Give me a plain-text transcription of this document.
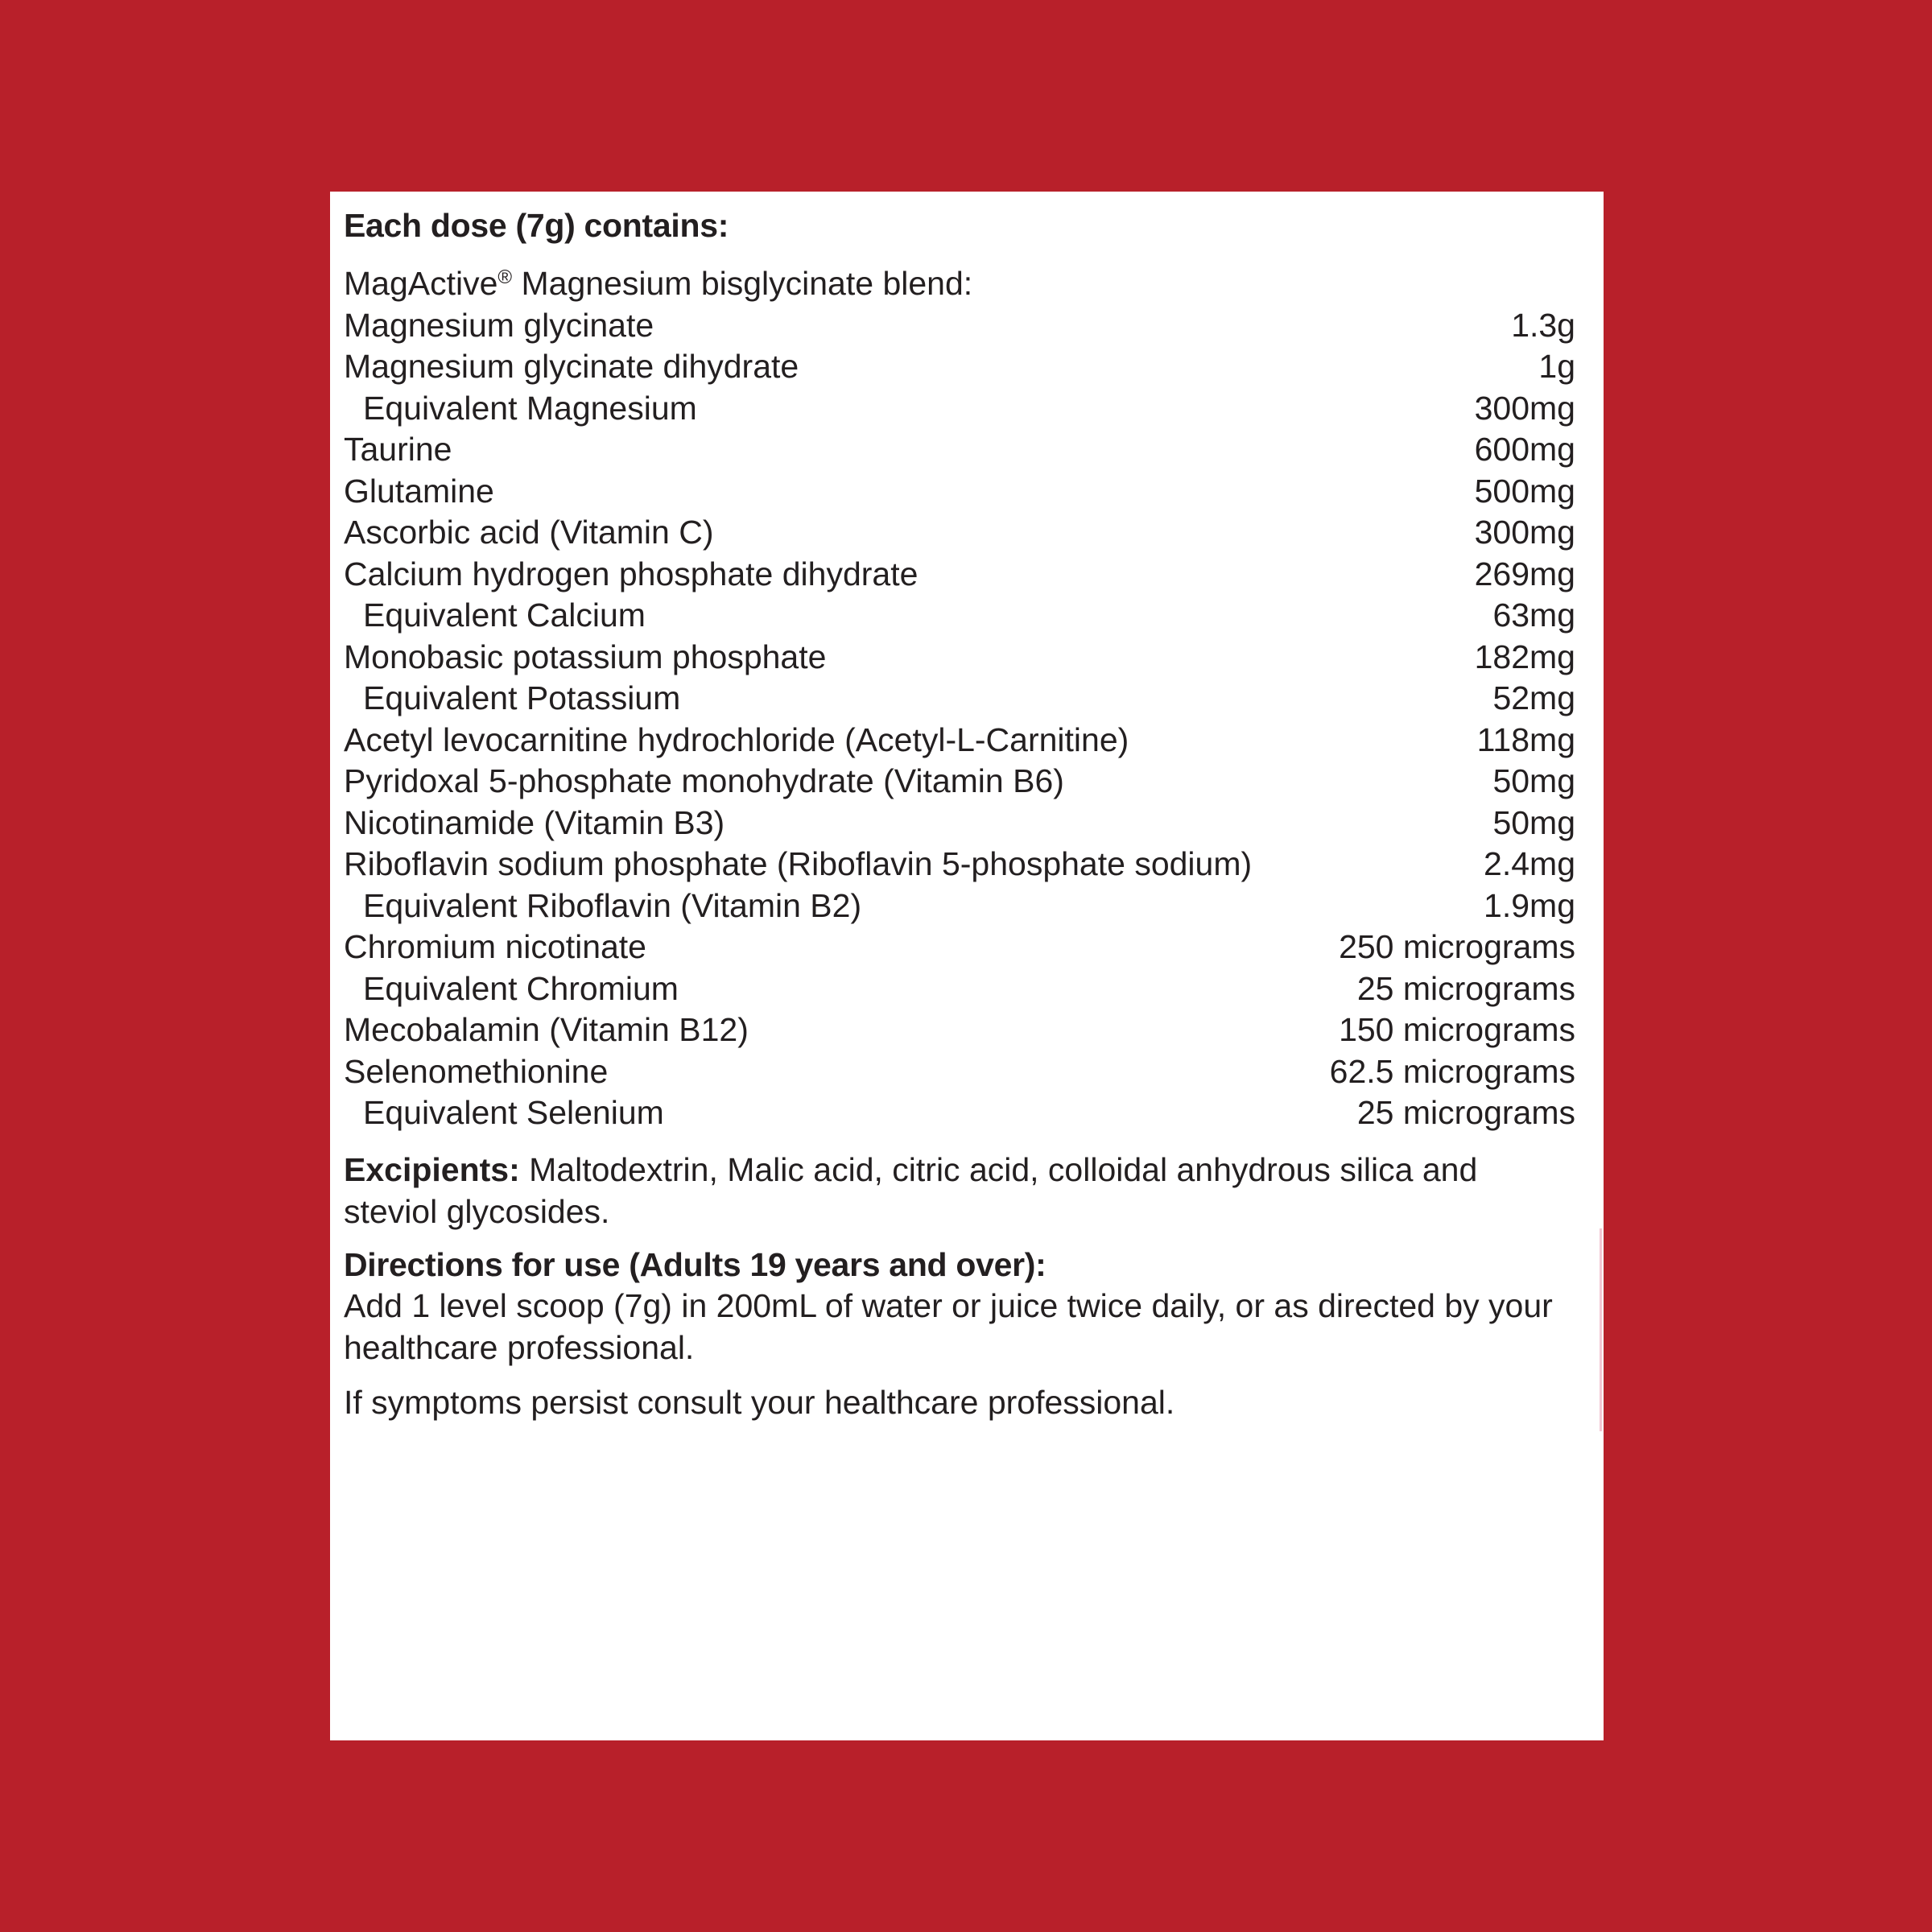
Each dose (7g) contains:
MagActive® Magnesium bisglycinate blend:
Magnesium glycinate	1.3g
Magnesium glycinate dihydrate	1g
Equivalent Magnesium	300mg
Taurine	600mg
Glutamine	500mg
Ascorbic acid (Vitamin C)	300mg
Calcium hydrogen phosphate dihydrate	269mg
Equivalent Calcium	63mg
Monobasic potassium phosphate	182mg
Equivalent Potassium	52mg
Acetyl levocarnitine hydrochloride (Acetyl-L-Carnitine)	118mg
Pyridoxal 5-phosphate monohydrate (Vitamin B6)	50mg
Nicotinamide (Vitamin B3)	50mg
Riboflavin sodium phosphate (Riboflavin 5-phosphate sodium)	2.4mg
Equivalent Riboflavin (Vitamin B2)	1.9mg
Chromium nicotinate	250 micrograms
Equivalent Chromium	25 micrograms
Mecobalamin (Vitamin B12)	150 micrograms
Selenomethionine	62.5 micrograms
Equivalent Selenium	25 micrograms
Excipients: Maltodextrin, Malic acid, citric acid, colloidal anhydrous silica and steviol glycosides.
Directions for use (Adults 19 years and over):
Add 1 level scoop (7g) in 200mL of water or juice twice daily, or as directed by your healthcare professional.
If symptoms persist consult your healthcare professional.
